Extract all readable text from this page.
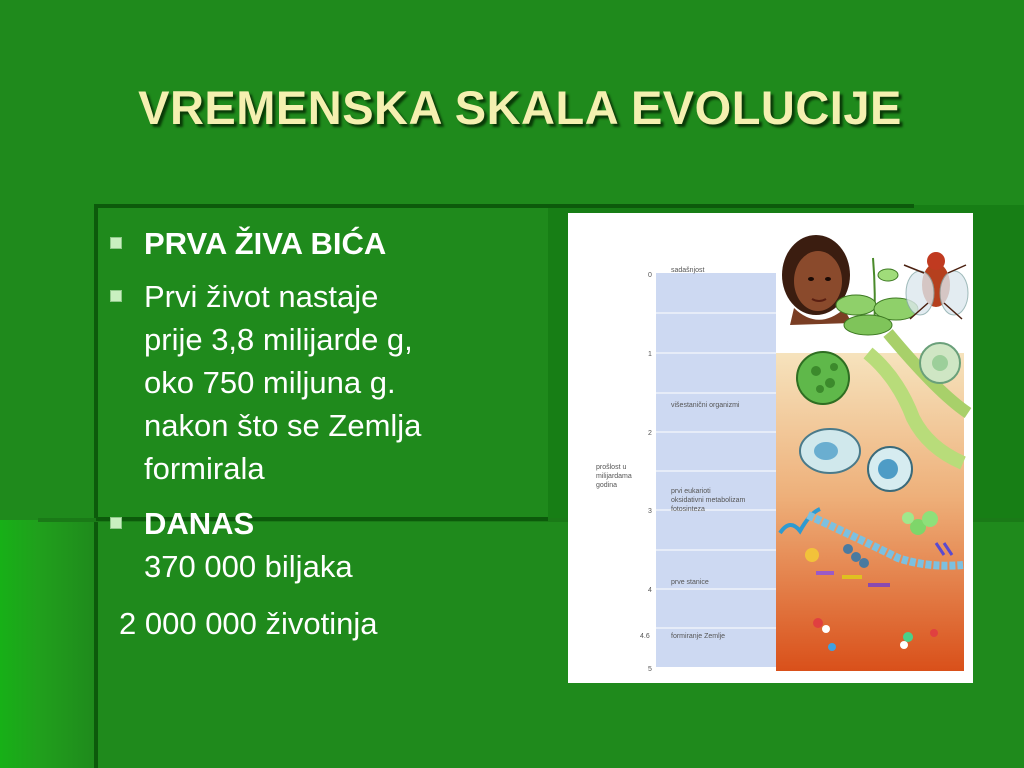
VREMENSKA SKALA EVOLUCIJE
PRVA ŽIVA BIĆA
Prvi život nastaje
prije 3,8 milijarde g,
oko 750 miljuna g.
nakon što se Zemlja
formirala
DANAS
370 000 biljaka
2 000 000 životinja
0
1
2
3
4
4.6
5
prošlost u
milijardama
godina
sadašnjost
višestanični organizmi
prvi eukarioti
oksidativni metabolizam
fotosinteza
prve stanice
formiranje Zemlje
